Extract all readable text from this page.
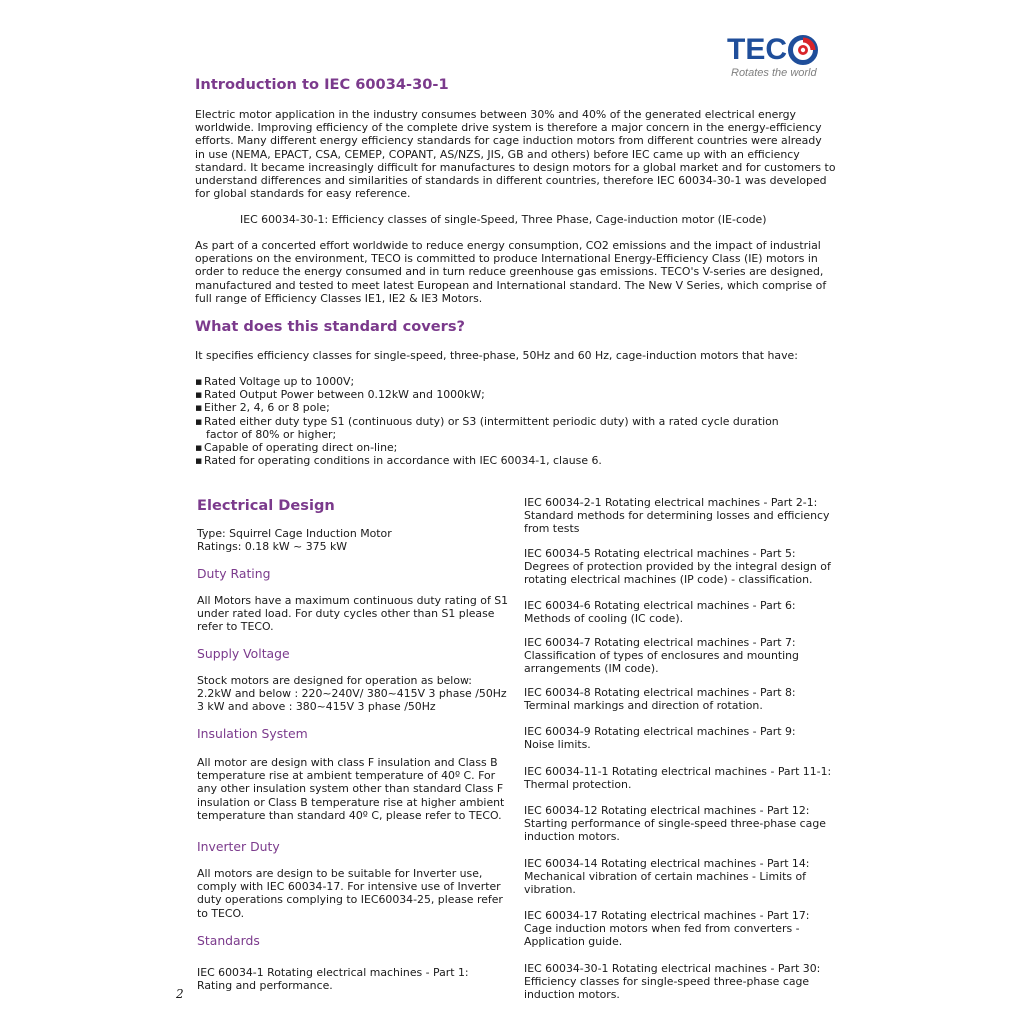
TEC
Rotates the world
Introduction to IEC 60034-30-1
Electric motor application in the industry consumes between 30% and 40% of the generated electrical energy
worldwide. Improving efficiency of the complete drive system is therefore a major concern in the energy-efficiency
efforts. Many different energy efficiency standards for cage induction motors from different countries were already
in use (NEMA, EPACT, CSA, CEMEP, COPANT, AS/NZS, JIS, GB and others) before IEC came up with an efficiency
standard. It became increasingly difficult for manufactures to design motors for a global market and for customers to
understand differences and similarities of standards in different countries, therefore IEC 60034-30-1 was developed
for global standards for easy reference.
IEC 60034-30-1: Efficiency classes of single-Speed, Three Phase, Cage-induction motor (IE-code)
As part of a concerted effort worldwide to reduce energy consumption, CO2 emissions and the impact of industrial
operations on the environment, TECO is committed to produce International Energy-Efficiency Class (IE) motors in
order to reduce the energy consumed and in turn reduce greenhouse gas emissions. TECO's V-series are designed,
manufactured and tested to meet latest European and International standard. The New V Series, which comprise of
full range of Efficiency Classes IE1, IE2 & IE3 Motors.
What does this standard covers?
It specifies efficiency classes for single-speed, three-phase, 50Hz and 60 Hz, cage-induction motors that have:
▪ Rated Voltage up to 1000V;
▪ Rated Output Power between 0.12kW and 1000kW;
▪ Either 2, 4, 6 or 8 pole;
▪ Rated either duty type S1 (continuous duty) or S3 (intermittent periodic duty) with a rated cycle duration
factor of 80% or higher;
▪ Capable of operating direct on-line;
▪ Rated for operating conditions in accordance with IEC 60034-1, clause 6.
Electrical Design
Type: Squirrel Cage Induction Motor
Ratings: 0.18 kW ~ 375 kW
Duty Rating
All Motors have a maximum continuous duty rating of S1
under rated load. For duty cycles other than S1 please
refer to TECO.
Supply Voltage
Stock motors are designed for operation as below:
2.2kW and below : 220~240V/ 380~415V 3 phase /50Hz
3 kW and above : 380~415V 3 phase /50Hz
Insulation System
All motor are design with class F insulation and Class B
temperature rise at ambient temperature of 40º C. For
any other insulation system other than standard Class F
insulation or Class B temperature rise at higher ambient
temperature than standard 40º C, please refer to TECO.
Inverter Duty
All motors are design to be suitable for Inverter use,
comply with IEC 60034-17. For intensive use of Inverter
duty operations complying to IEC60034-25, please refer
to TECO.
Standards
IEC 60034-1 Rotating electrical machines - Part 1:
Rating and performance.
IEC 60034-2-1 Rotating electrical machines - Part 2-1:
Standard methods for determining losses and efficiency
from tests
IEC 60034-5 Rotating electrical machines - Part 5:
Degrees of protection provided by the integral design of
rotating electrical machines (IP code) - classification.
IEC 60034-6 Rotating electrical machines - Part 6:
Methods of cooling (IC code).
IEC 60034-7 Rotating electrical machines - Part 7:
Classification of types of enclosures and mounting
arrangements (IM code).
IEC 60034-8 Rotating electrical machines - Part 8:
Terminal markings and direction of rotation.
IEC 60034-9 Rotating electrical machines - Part 9:
Noise limits.
IEC 60034-11-1 Rotating electrical machines - Part 11-1:
Thermal protection.
IEC 60034-12 Rotating electrical machines - Part 12:
Starting performance of single-speed three-phase cage
induction motors.
IEC 60034-14 Rotating electrical machines - Part 14:
Mechanical vibration of certain machines - Limits of
vibration.
IEC 60034-17 Rotating electrical machines - Part 17:
Cage induction motors when fed from converters -
Application guide.
IEC 60034-30-1 Rotating electrical machines - Part 30:
Efficiency classes for single-speed three-phase cage
induction motors.
2
